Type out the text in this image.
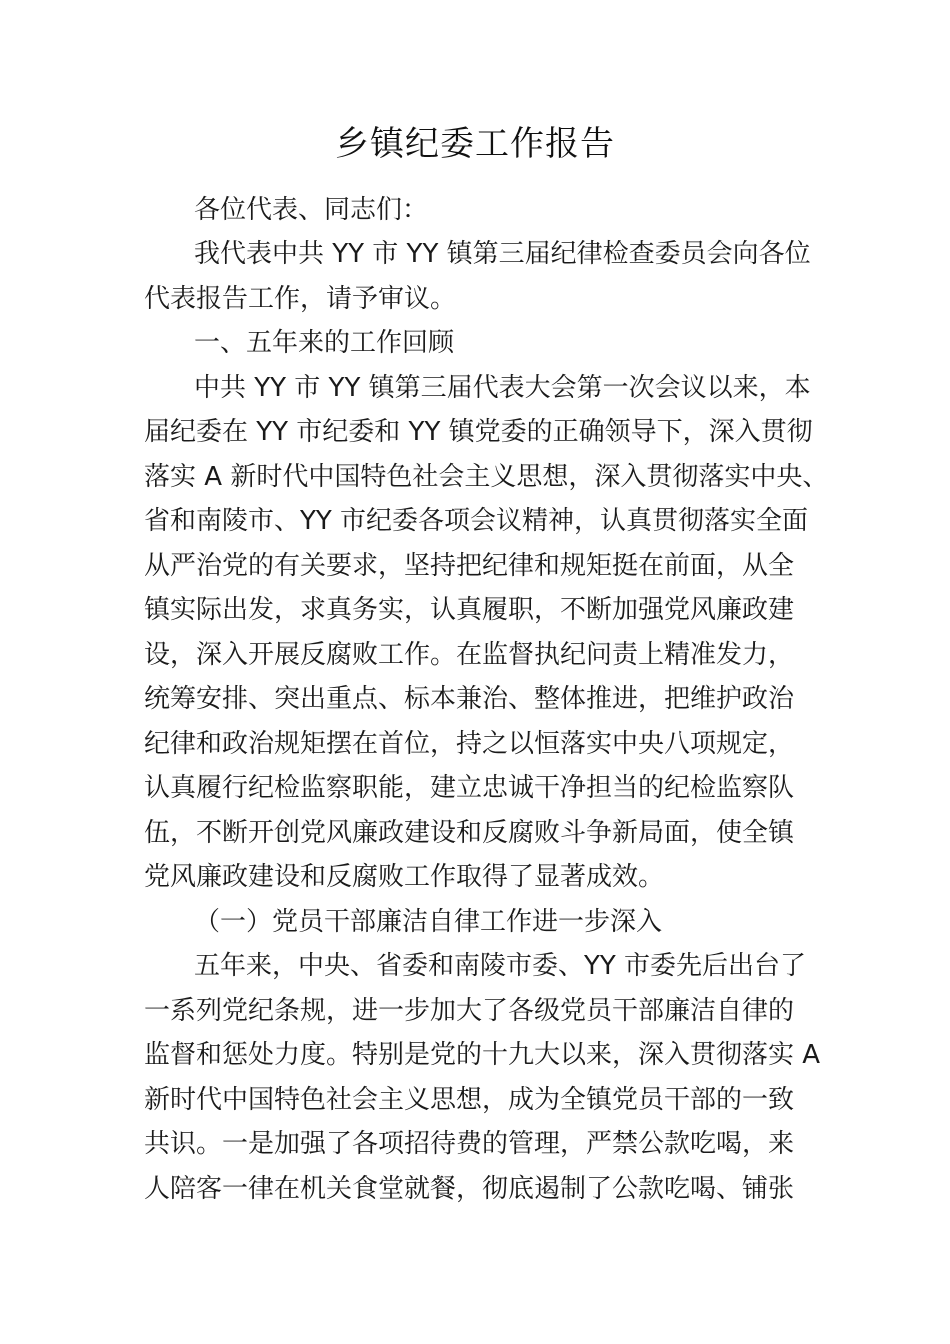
乡镇纪委工作报告
各位代表、同志们：
我代表中共 YY 市 YY 镇第三届纪律检查委员会向各位
代表报告工作，请予审议。
一、五年来的工作回顾
中共 YY 市 YY 镇第三届代表大会第一次会议以来，本
届纪委在 YY 市纪委和 YY 镇党委的正确领导下，深入贯彻
落实 A 新时代中国特色社会主义思想，深入贯彻落实中央、
省和南陵市、YY 市纪委各项会议精神，认真贯彻落实全面
从严治党的有关要求，坚持把纪律和规矩挺在前面，从全
镇实际出发，求真务实，认真履职，不断加强党风廉政建
设，深入开展反腐败工作。在监督执纪问责上精准发力，
统筹安排、突出重点、标本兼治、整体推进，把维护政治
纪律和政治规矩摆在首位，持之以恒落实中央八项规定，
认真履行纪检监察职能，建立忠诚干净担当的纪检监察队
伍，不断开创党风廉政建设和反腐败斗争新局面，使全镇
党风廉政建设和反腐败工作取得了显著成效。
（一）党员干部廉洁自律工作进一步深入
五年来，中央、省委和南陵市委、YY 市委先后出台了
一系列党纪条规，进一步加大了各级党员干部廉洁自律的
监督和惩处力度。特别是党的十九大以来，深入贯彻落实 A
新时代中国特色社会主义思想，成为全镇党员干部的一致
共识。一是加强了各项招待费的管理，严禁公款吃喝，来
人陪客一律在机关食堂就餐，彻底遏制了公款吃喝、铺张
